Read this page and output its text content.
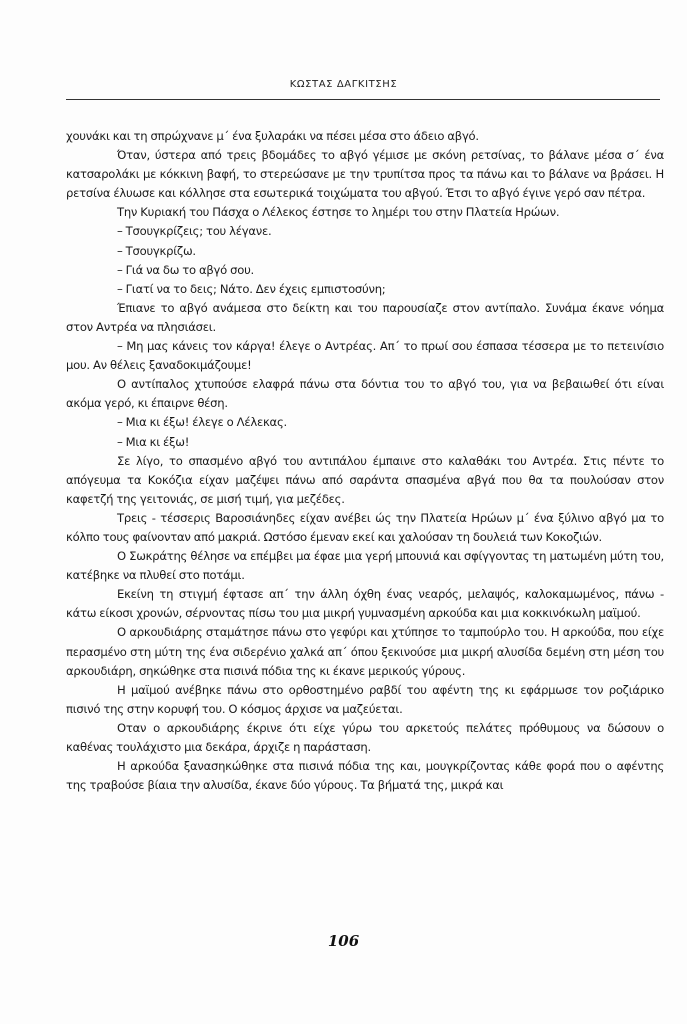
ΚΩΣΤΑΣ ΔΑΓΚΙΤΣΗΣ

χουνάκι και τη σπρώχνανε μ΄ ένα ξυλαράκι να πέσει μέσα στο άδειο αβγό.

Όταν, ύστερα από τρεις βδομάδες το αβγό γέμισε με σκόνη ρετσίνας, το βάλανε μέσα σ΄ ένα κατσαρολάκι με κόκκινη βαφή, το στερεώσανε με την τρυπίτσα προς τα πάνω και το βάλανε να βράσει. Η ρετσίνα έλυωσε και κόλλησε στα εσωτερικά τοιχώματα του αβγού. Έτσι το αβγό έγινε γερό σαν πέτρα.

Την Κυριακή του Πάσχα ο Λέλεκος έστησε το λημέρι του στην Πλατεία Ηρώων.

– Τσουγκρίζεις; του λέγανε.

– Τσουγκρίζω.

– Γιά να δω το αβγό σου.

– Γιατί να το δεις; Νάτο. Δεν έχεις εμπιστοσύνη;

Έπιανε το αβγό ανάμεσα στο δείκτη και του παρουσίαζε στον αντίπαλο. Συνάμα έκανε νόημα στον Αντρέα να πλησιάσει.

– Μη μας κάνεις τον κάργα! έλεγε ο Αντρέας. Απ΄ το πρωί σου έσπασα τέσσερα με το πετεινίσιο μου. Αν θέλεις ξαναδοκιμάζουμε!

Ο αντίπαλος χτυπούσε ελαφρά πάνω στα δόντια του το αβγό του, για να βεβαιωθεί ότι είναι ακόμα γερό, κι έπαιρνε θέση.

– Μια κι έξω! έλεγε ο Λέλεκας.

– Μια κι έξω!

Σε λίγο, το σπασμένο αβγό του αντιπάλου έμπαινε στο καλαθάκι του Αντρέα. Στις πέντε το απόγευμα τα Κοκόζια είχαν μαζέψει πάνω από σαράντα σπασμένα αβγά που θα τα πουλούσαν στον καφετζή της γειτονιάς, σε μισή τιμή, για μεζέδες.

Τρεις - τέσσερις Βαροσιάνηδες είχαν ανέβει ώς την Πλατεία Ηρώων μ΄ ένα ξύλινο αβγό μα το κόλπο τους φαίνονταν από μακριά. Ωστόσο έμεναν εκεί και χαλούσαν τη δουλειά των Κοκοζιών.

Ο Σωκράτης θέλησε να επέμβει μα έφαε μια γερή μπουνιά και σφίγγοντας τη ματωμένη μύτη του, κατέβηκε να πλυθεί στο ποτάμι.

Εκείνη τη στιγμή έφτασε απ΄ την άλλη όχθη ένας νεαρός, μελαψός, καλοκαμωμένος, πάνω - κάτω είκοσι χρονών, σέρνοντας πίσω του μια μικρή γυμνασμένη αρκούδα και μια κοκκινόκωλη μαϊμού.

Ο αρκουδιάρης σταμάτησε πάνω στο γεφύρι και χτύπησε το ταμπούρλο του. Η αρκούδα, που είχε περασμένο στη μύτη της ένα σιδερένιο χαλκά απ΄ όπου ξεκινούσε μια μικρή αλυσίδα δεμένη στη μέση του αρκουδιάρη, σηκώθηκε στα πισινά πόδια της κι έκανε μερικούς γύρους.

Η μαϊμού ανέβηκε πάνω στο ορθοστημένο ραβδί του αφέντη της κι εφάρμωσε τον ροζιάρικο πισινό της στην κορυφή του. Ο κόσμος άρχισε να μαζεύεται.

Οταν ο αρκουδιάρης έκρινε ότι είχε γύρω του αρκετούς πελάτες πρόθυμους να δώσουν ο καθένας τουλάχιστο μια δεκάρα, άρχιζε η παράσταση.

Η αρκούδα ξανασηκώθηκε στα πισινά πόδια της και, μουγκρίζοντας κάθε φορά που ο αφέντης της τραβούσε βίαια την αλυσίδα, έκανε δύο γύρους. Τα βήματά της, μικρά και

106
